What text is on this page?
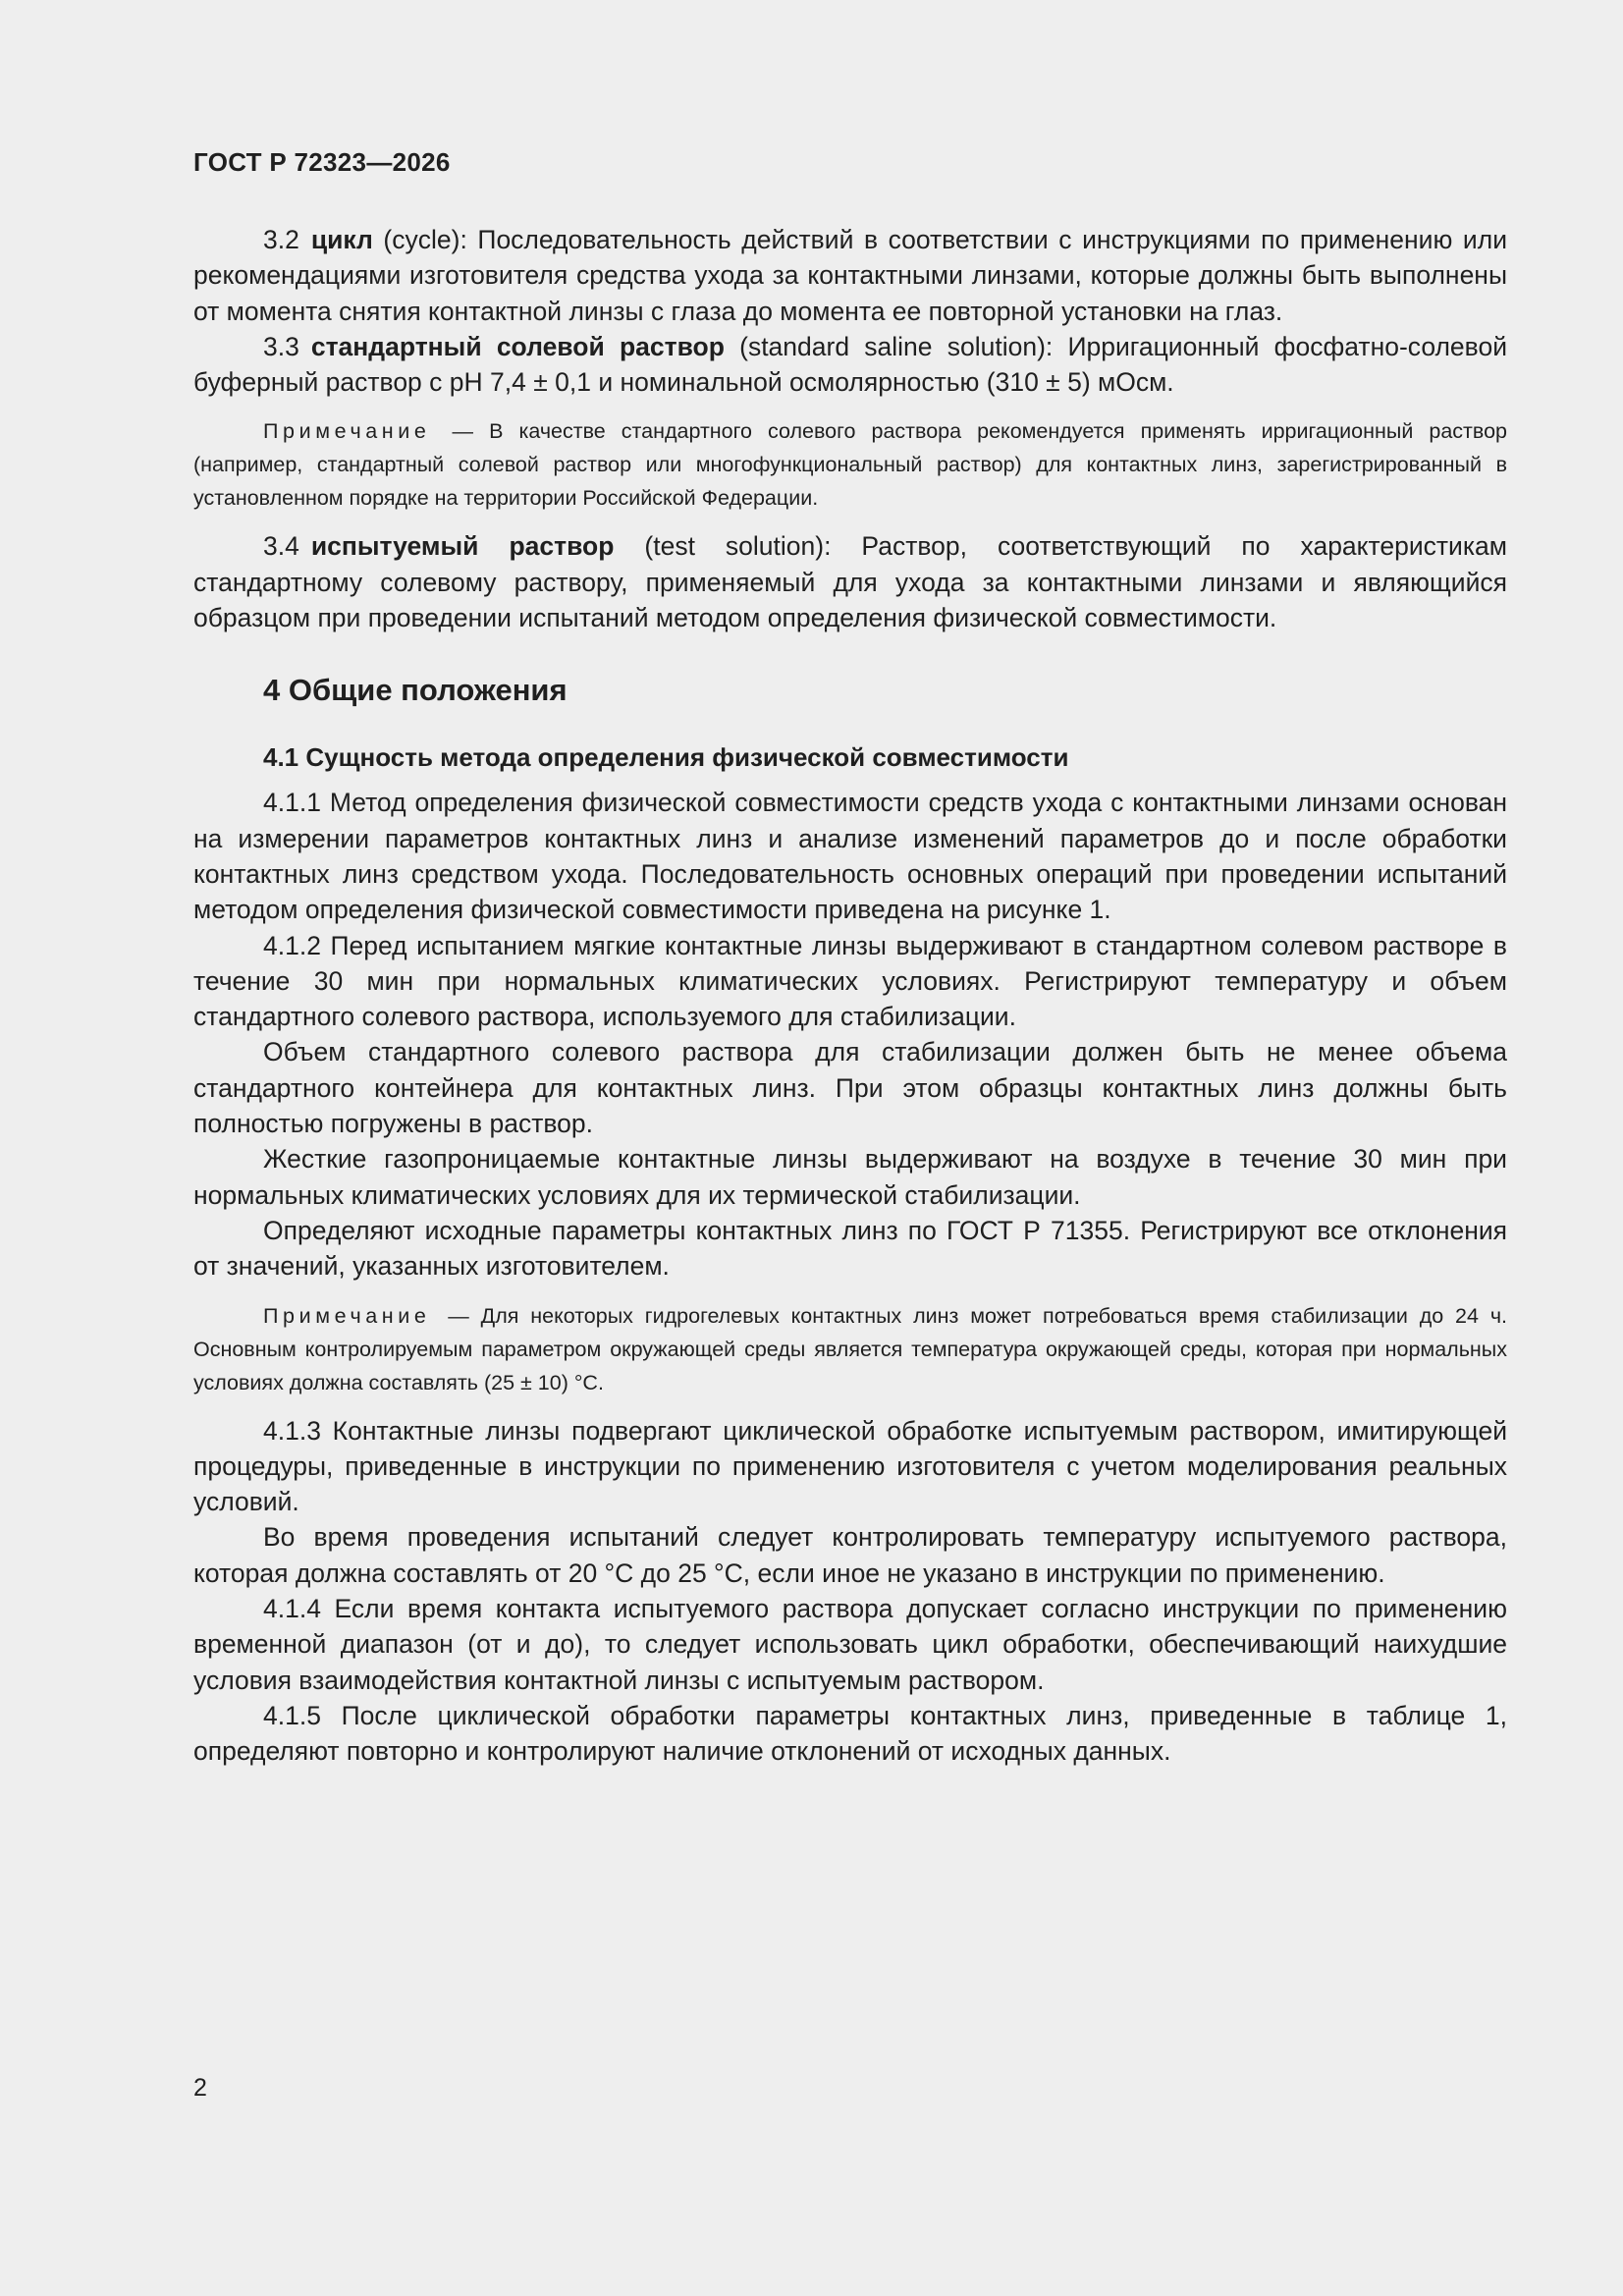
ГОСТ Р 72323—2026

3.2 цикл (cycle): Последовательность действий в соответствии с инструкциями по применению или рекомендациями изготовителя средства ухода за контактными линзами, которые должны быть выполнены от момента снятия контактной линзы с глаза до момента ее повторной установки на глаз.

3.3 стандартный солевой раствор (standard saline solution): Ирригационный фосфатно-солевой буферный раствор с pH 7,4 ± 0,1 и номинальной осмолярностью (310 ± 5) мОсм.

Примечание — В качестве стандартного солевого раствора рекомендуется применять ирригационный раствор (например, стандартный солевой раствор или многофункциональный раствор) для контактных линз, зарегистрированный в установленном порядке на территории Российской Федерации.

3.4 испытуемый раствор (test solution): Раствор, соответствующий по характеристикам стандартному солевому раствору, применяемый для ухода за контактными линзами и являющийся образцом при проведении испытаний методом определения физической совместимости.

4 Общие положения
4.1 Сущность метода определения физической совместимости

4.1.1 Метод определения физической совместимости средств ухода с контактными линзами основан на измерении параметров контактных линз и анализе изменений параметров до и после обработки контактных линз средством ухода. Последовательность основных операций при проведении испытаний методом определения физической совместимости приведена на рисунке 1.

4.1.2 Перед испытанием мягкие контактные линзы выдерживают в стандартном солевом растворе в течение 30 мин при нормальных климатических условиях. Регистрируют температуру и объем стандартного солевого раствора, используемого для стабилизации.

Объем стандартного солевого раствора для стабилизации должен быть не менее объема стандартного контейнера для контактных линз. При этом образцы контактных линз должны быть полностью погружены в раствор.

Жесткие газопроницаемые контактные линзы выдерживают на воздухе в течение 30 мин при нормальных климатических условиях для их термической стабилизации.

Определяют исходные параметры контактных линз по ГОСТ Р 71355. Регистрируют все отклонения от значений, указанных изготовителем.

Примечание — Для некоторых гидрогелевых контактных линз может потребоваться время стабилизации до 24 ч. Основным контролируемым параметром окружающей среды является температура окружающей среды, которая при нормальных условиях должна составлять (25 ± 10) °С.

4.1.3 Контактные линзы подвергают циклической обработке испытуемым раствором, имитирующей процедуры, приведенные в инструкции по применению изготовителя с учетом моделирования реальных условий.

Во время проведения испытаний следует контролировать температуру испытуемого раствора, которая должна составлять от 20 °С до 25 °С, если иное не указано в инструкции по применению.

4.1.4 Если время контакта испытуемого раствора допускает согласно инструкции по применению временной диапазон (от и до), то следует использовать цикл обработки, обеспечивающий наихудшие условия взаимодействия контактной линзы с испытуемым раствором.

4.1.5 После циклической обработки параметры контактных линз, приведенные в таблице 1, определяют повторно и контролируют наличие отклонений от исходных данных.

2
